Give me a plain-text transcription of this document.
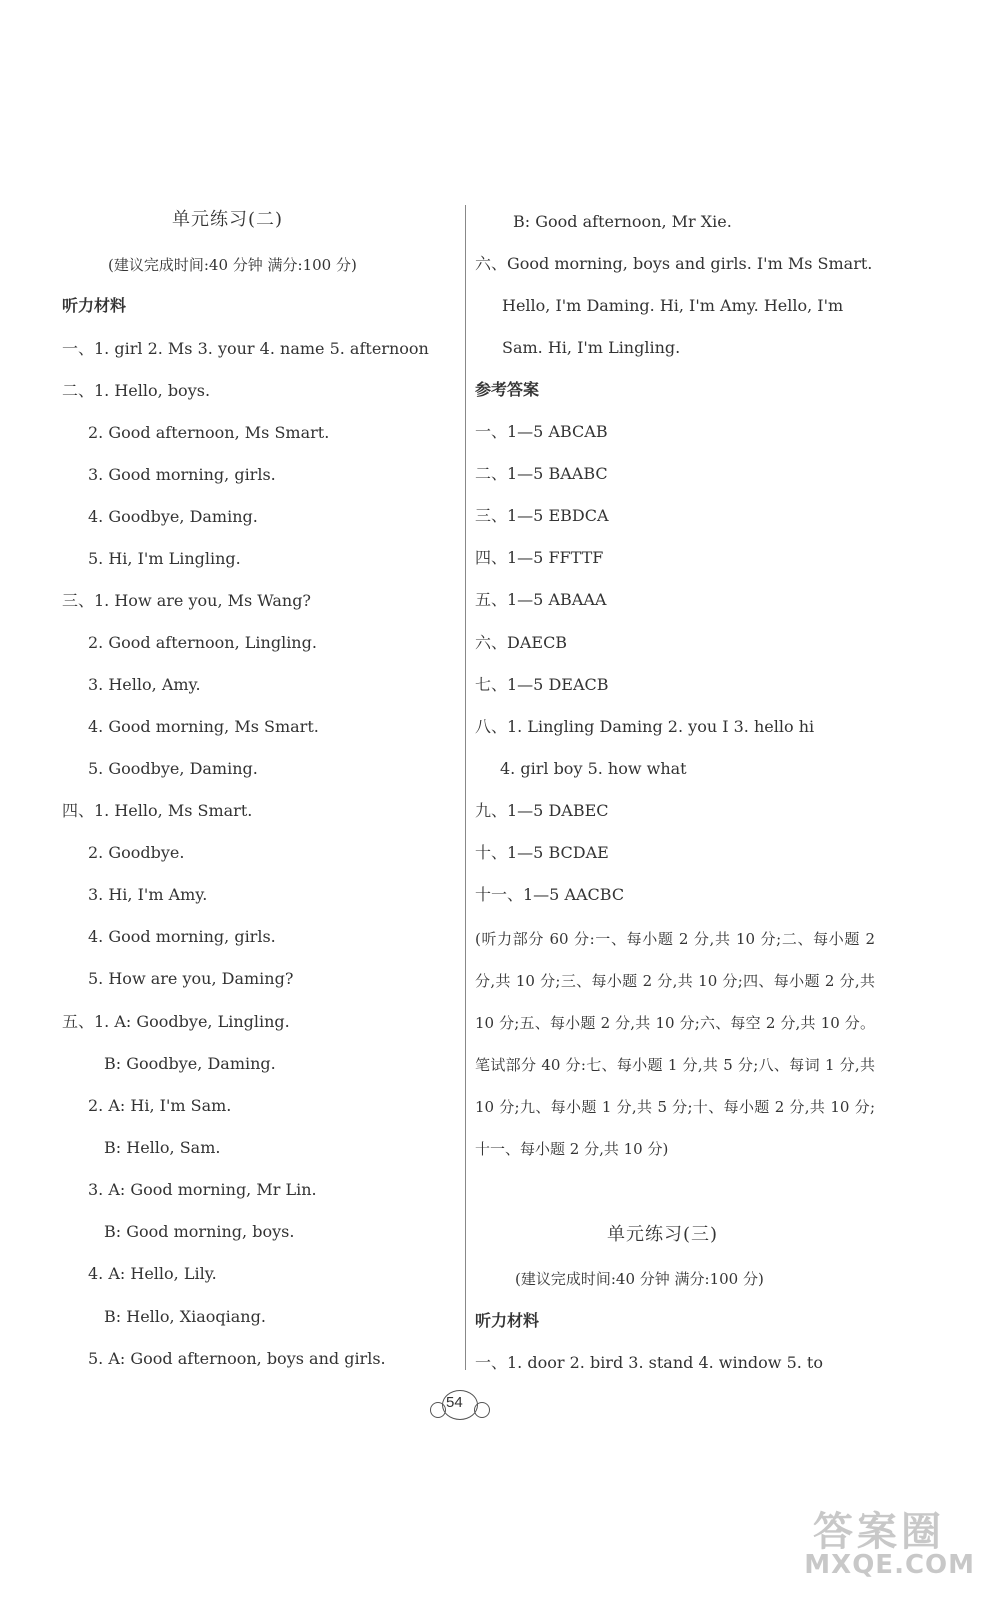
单元练习(二)
(建议完成时间:40 分钟 满分:100 分)
听力材料
一、1. girl 2. Ms 3. your 4. name 5. afternoon
二、1. Hello, boys.
2. Good afternoon, Ms Smart.
3. Good morning, girls.
4. Goodbye, Daming.
5. Hi, I'm Lingling.
三、1. How are you, Ms Wang?
2. Good afternoon, Lingling.
3. Hello, Amy.
4. Good morning, Ms Smart.
5. Goodbye, Daming.
四、1. Hello, Ms Smart.
2. Goodbye.
3. Hi, I'm Amy.
4. Good morning, girls.
5. How are you, Daming?
五、1. A: Goodbye, Lingling.
B: Goodbye, Daming.
2. A: Hi, I'm Sam.
B: Hello, Sam.
3. A: Good morning, Mr Lin.
B: Good morning, boys.
4. A: Hello, Lily.
B: Hello, Xiaoqiang.
5. A: Good afternoon, boys and girls.
B: Good afternoon, Mr Xie.
六、Good morning, boys and girls. I'm Ms Smart.
Hello, I'm Daming. Hi, I'm Amy. Hello, I'm
Sam. Hi, I'm Lingling.
参考答案
一、1—5 ABCAB
二、1—5 BAABC
三、1—5 EBDCA
四、1—5 FFTTF
五、1—5 ABAAA
六、DAECB
七、1—5 DEACB
八、1. Lingling Daming 2. you I 3. hello hi
4. girl boy 5. how what
九、1—5 DABEC
十、1—5 BCDAE
十一、1—5 AACBC
(听力部分 60 分:一、每小题 2 分,共 10 分;二、每小题 2 分,共 10 分;三、每小题 2 分,共 10 分;四、每小题 2 分,共 10 分;五、每小题 2 分,共 10 分;六、每空 2 分,共 10 分。笔试部分 40 分:七、每小题 1 分,共 5 分;八、每词 1 分,共 10 分;九、每小题 1 分,共 5 分;十、每小题 2 分,共 10 分;十一、每小题 2 分,共 10 分)
单元练习(三)
(建议完成时间:40 分钟 满分:100 分)
听力材料
一、1. door 2. bird 3. stand 4. window 5. to
54
答案圈
MXQE.COM
